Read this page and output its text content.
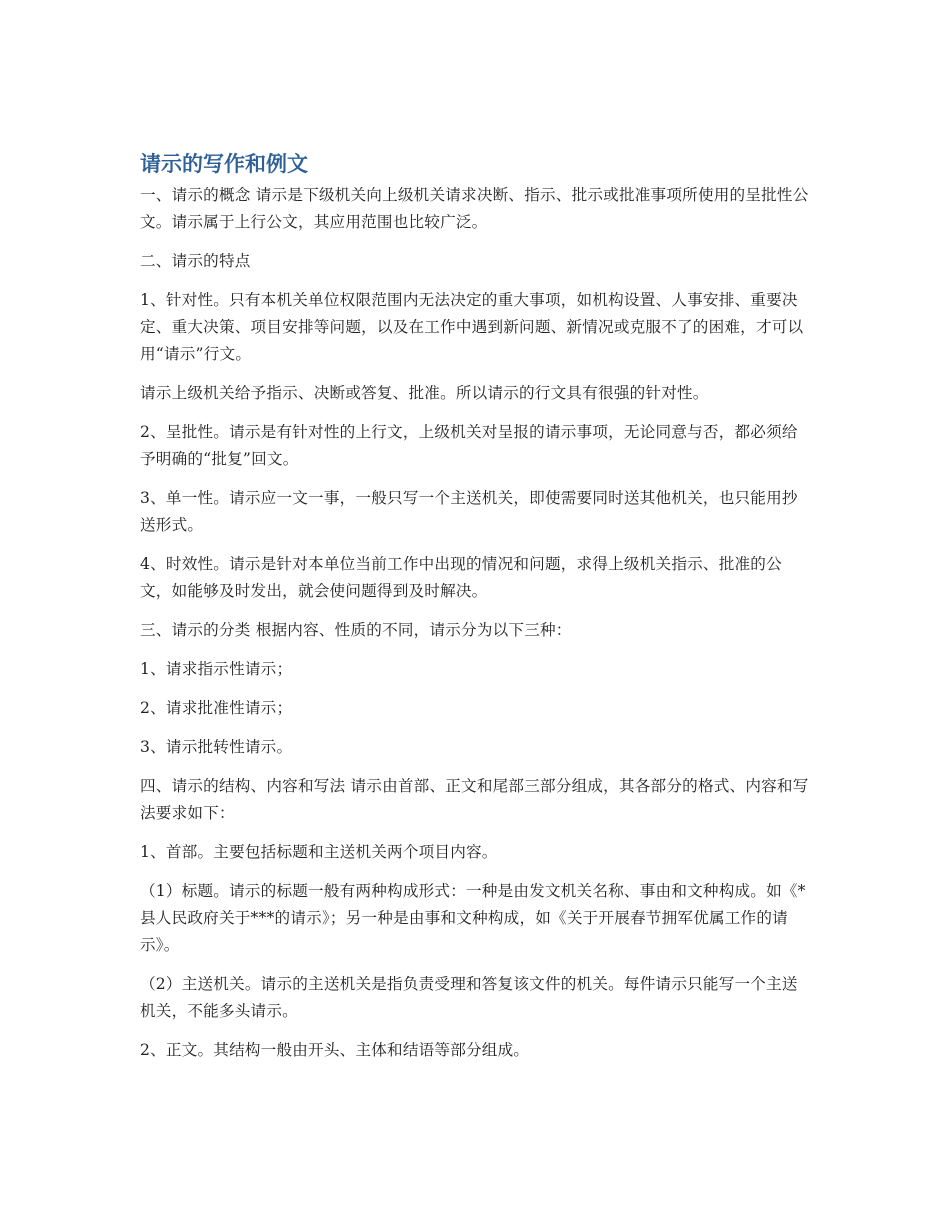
请示的写作和例文

一、请示的概念 请示是下级机关向上级机关请求决断、指示、批示或批准事项所使用的呈批性公文。请示属于上行公文，其应用范围也比较广泛。

二、请示的特点

1、针对性。只有本机关单位权限范围内无法决定的重大事项，如机构设置、人事安排、重要决定、重大决策、项目安排等问题，以及在工作中遇到新问题、新情况或克服不了的困难，才可以用“请示”行文。

请示上级机关给予指示、决断或答复、批准。所以请示的行文具有很强的针对性。

2、呈批性。请示是有针对性的上行文，上级机关对呈报的请示事项，无论同意与否，都必须给予明确的“批复”回文。

3、单一性。请示应一文一事，一般只写一个主送机关，即使需要同时送其他机关，也只能用抄送形式。

4、时效性。请示是针对本单位当前工作中出现的情况和问题，求得上级机关指示、批准的公文，如能够及时发出，就会使问题得到及时解决。

三、请示的分类 根据内容、性质的不同，请示分为以下三种：

1、请求指示性请示；

2、请求批准性请示；

3、请示批转性请示。

四、请示的结构、内容和写法 请示由首部、正文和尾部三部分组成，其各部分的格式、内容和写法要求如下：

1、首部。主要包括标题和主送机关两个项目内容。

（1）标题。请示的标题一般有两种构成形式：一种是由发文机关名称、事由和文种构成。如《*县人民政府关于***的请示》；另一种是由事和文种构成，如《关于开展春节拥军优属工作的请示》。

（2）主送机关。请示的主送机关是指负责受理和答复该文件的机关。每件请示只能写一个主送机关，不能多头请示。

2、正文。其结构一般由开头、主体和结语等部分组成。
